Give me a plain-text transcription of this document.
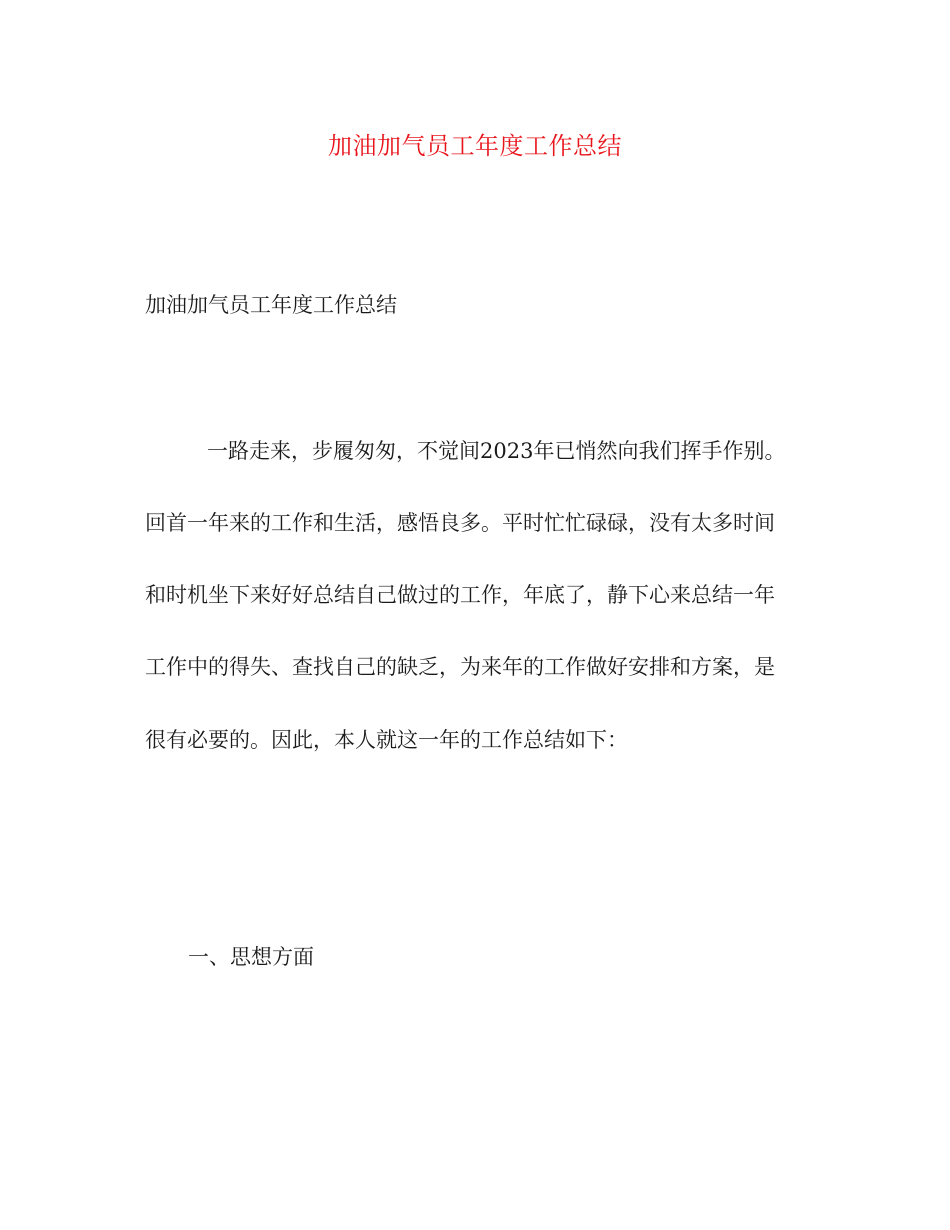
加油加气员工年度工作总结
加油加气员工年度工作总结
一路走来，步履匆匆，不觉间2023年已悄然向我们挥手作别。
回首一年来的工作和生活，感悟良多。平时忙忙碌碌，没有太多时间
和时机坐下来好好总结自己做过的工作，年底了，静下心来总结一年
工作中的得失、查找自己的缺乏，为来年的工作做好安排和方案，是
很有必要的。因此，本人就这一年的工作总结如下：
一、思想方面
